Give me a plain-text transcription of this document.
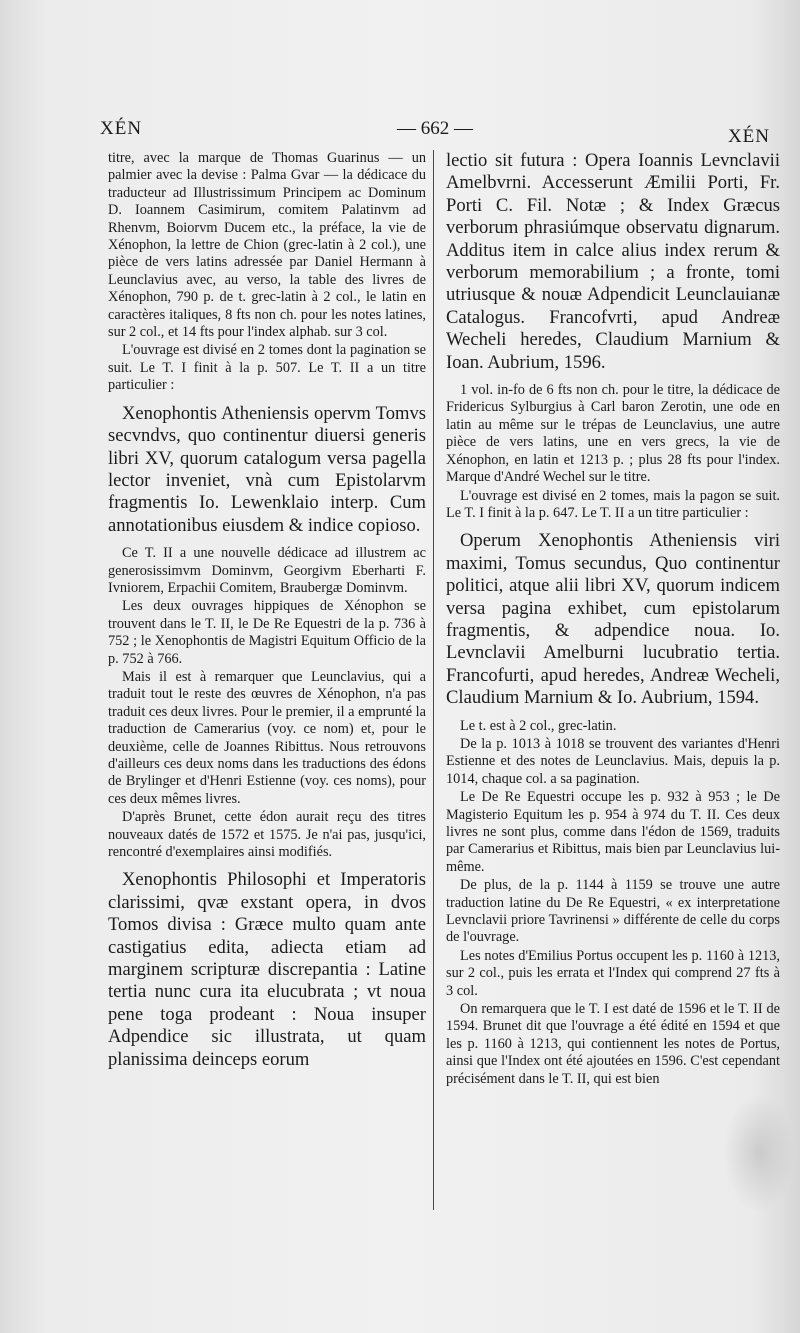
XÉN	— 662 —	XÉN

titre, avec la marque de Thomas Guarinus — un palmier avec la devise : Palma Gvar — la dédicace du traducteur ad Illustrissimum Principem ac Dominum D. Ioannem Casimirum, comitem Palatinvm ad Rhenvm, Boiorvm Ducem etc., la préface, la vie de Xénophon, la lettre de Chion (grec-latin à 2 col.), une pièce de vers latins adressée par Daniel Hermann à Leunclavius avec, au verso, la table des livres de Xénophon, 790 p. de t. grec-latin à 2 col., le latin en caractères italiques, 8 fts non ch. pour les notes latines, sur 2 col., et 14 fts pour l'index alphab. sur 3 col.

L'ouvrage est divisé en 2 tomes dont la pagination se suit. Le T. I finit à la p. 507. Le T. II a un titre particulier :

Xenophontis Atheniensis opervm Tomvs secvndvs, quo continentur diuersi generis libri XV, quorum catalogum versa pagella lector inveniet, vnà cum Epistolarvm fragmentis Io. Lewenklaio interp. Cum annotationibus eiusdem & indice copioso.

Ce T. II a une nouvelle dédicace ad illustrem ac generosissimvm Dominvm, Georgivm Eberharti F. Ivniorem, Erpachii Comitem, Braubergæ Dominvm.

Les deux ouvrages hippiques de Xénophon se trouvent dans le T. II, le De Re Equestri de la p. 736 à 752 ; le Xenophontis de Magistri Equitum Officio de la p. 752 à 766.

Mais il est à remarquer que Leunclavius, qui a traduit tout le reste des œuvres de Xénophon, n'a pas traduit ces deux livres. Pour le premier, il a emprunté la traduction de Camerarius (voy. ce nom) et, pour le deuxième, celle de Joannes Ribittus. Nous retrouvons d'ailleurs ces deux noms dans les traductions des édons de Brylinger et d'Henri Estienne (voy. ces noms), pour ces deux mêmes livres.

D'après Brunet, cette édon aurait reçu des titres nouveaux datés de 1572 et 1575. Je n'ai pas, jusqu'ici, rencontré d'exemplaires ainsi modifiés.

Xenophontis Philosophi et Imperatoris clarissimi, qvæ exstant opera, in dvos Tomos divisa : Græce multo quam ante castigatius edita, adiecta etiam ad marginem scripturæ discrepantia : Latine tertia nunc cura ita elucubrata ; vt noua pene toga prodeant : Noua insuper Adpendice sic illustrata, ut quam planissima deinceps eorum

lectio sit futura : Opera Ioannis Levnclavii Amelbvrni. Accesserunt Æmilii Porti, Fr. Porti C. Fil. Notæ ; & Index Græcus verborum phrasiúmque observatu dignarum. Additus item in calce alius index rerum & verborum memorabilium ; a fronte, tomi utriusque & nouæ Adpendicit Leunclauianæ Catalogus. Francofvrti, apud Andreæ Wecheli heredes, Claudium Marnium & Ioan. Aubrium, 1596.

1 vol. in-fo de 6 fts non ch. pour le titre, la dédicace de Fridericus Sylburgius à Carl baron Zerotin, une ode en latin au même sur le trépas de Leunclavius, une autre pièce de vers latins, une en vers grecs, la vie de Xénophon, en latin et 1213 p. ; plus 28 fts pour l'index. Marque d'André Wechel sur le titre.

L'ouvrage est divisé en 2 tomes, mais la pagon se suit. Le T. I finit à la p. 647. Le T. II a un titre particulier :

Operum Xenophontis Atheniensis viri maximi, Tomus secundus, Quo continentur politici, atque alii libri XV, quorum indicem versa pagina exhibet, cum epistolarum fragmentis, & adpendice noua. Io. Levnclavii Amelburni lucubratio tertia. Francofurti, apud heredes, Andreæ Wecheli, Claudium Marnium & Io. Aubrium, 1594.

Le t. est à 2 col., grec-latin.

De la p. 1013 à 1018 se trouvent des variantes d'Henri Estienne et des notes de Leunclavius. Mais, depuis la p. 1014, chaque col. a sa pagination.

Le De Re Equestri occupe les p. 932 à 953 ; le De Magisterio Equitum les p. 954 à 974 du T. II. Ces deux livres ne sont plus, comme dans l'édon de 1569, traduits par Camerarius et Ribittus, mais bien par Leunclavius lui-même.

De plus, de la p. 1144 à 1159 se trouve une autre traduction latine du De Re Equestri, « ex interpretatione Levnclavii priore Tavrinensi » différente de celle du corps de l'ouvrage.

Les notes d'Emilius Portus occupent les p. 1160 à 1213, sur 2 col., puis les errata et l'Index qui comprend 27 fts à 3 col.

On remarquera que le T. I est daté de 1596 et le T. II de 1594. Brunet dit que l'ouvrage a été édité en 1594 et que les p. 1160 à 1213, qui contiennent les notes de Portus, ainsi que l'Index ont été ajoutées en 1596. C'est cependant précisément dans le T. II, qui est bien
